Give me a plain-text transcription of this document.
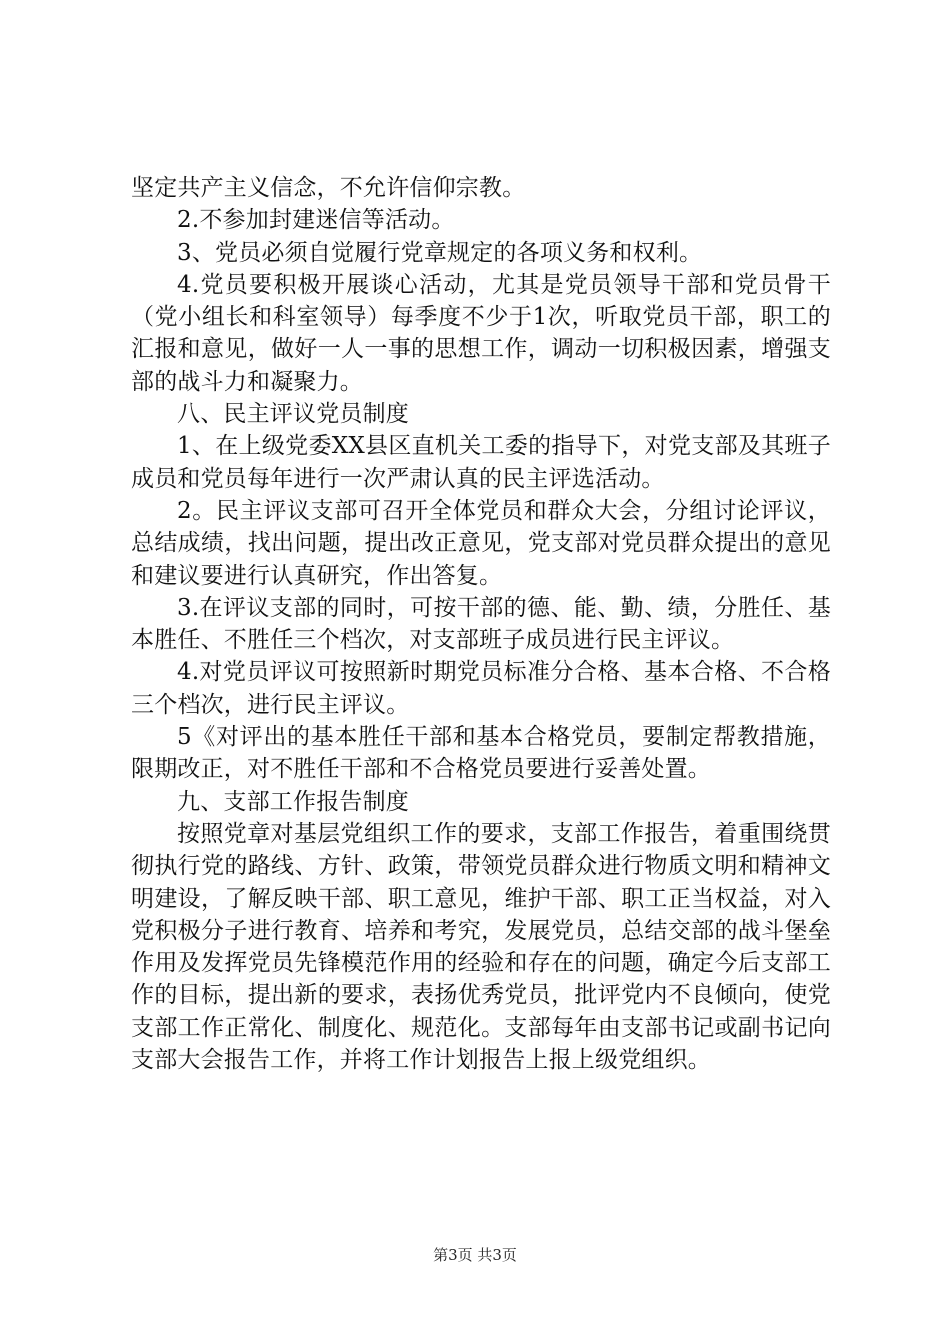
坚定共产主义信念，不允许信仰宗教。

2.不参加封建迷信等活动。

3、党员必须自觉履行党章规定的各项义务和权利。

4.党员要积极开展谈心活动，尤其是党员领导干部和党员骨干（党小组长和科室领导）每季度不少于1次，听取党员干部，职工的汇报和意见，做好一人一事的思想工作，调动一切积极因素，增强支部的战斗力和凝聚力。

八、民主评议党员制度

1、在上级党委XX县区直机关工委的指导下，对党支部及其班子成员和党员每年进行一次严肃认真的民主评选活动。

2。民主评议支部可召开全体党员和群众大会，分组讨论评议，总结成绩，找出问题，提出改正意见，党支部对党员群众提出的意见和建议要进行认真研究，作出答复。

3.在评议支部的同时，可按干部的德、能、勤、绩，分胜任、基本胜任、不胜任三个档次，对支部班子成员进行民主评议。

4.对党员评议可按照新时期党员标准分合格、基本合格、不合格三个档次，进行民主评议。

5《对评出的基本胜任干部和基本合格党员，要制定帮教措施，限期改正，对不胜任干部和不合格党员要进行妥善处置。

九、支部工作报告制度

按照党章对基层党组织工作的要求，支部工作报告，着重围绕贯彻执行党的路线、方针、政策，带领党员群众进行物质文明和精神文明建设，了解反映干部、职工意见，维护干部、职工正当权益，对入党积极分子进行教育、培养和考究，发展党员，总结交部的战斗堡垒作用及发挥党员先锋模范作用的经验和存在的问题，确定今后支部工作的目标，提出新的要求，表扬优秀党员，批评党内不良倾向，使党支部工作正常化、制度化、规范化。支部每年由支部书记或副书记向支部大会报告工作，并将工作计划报告上报上级党组织。

第3页 共3页
